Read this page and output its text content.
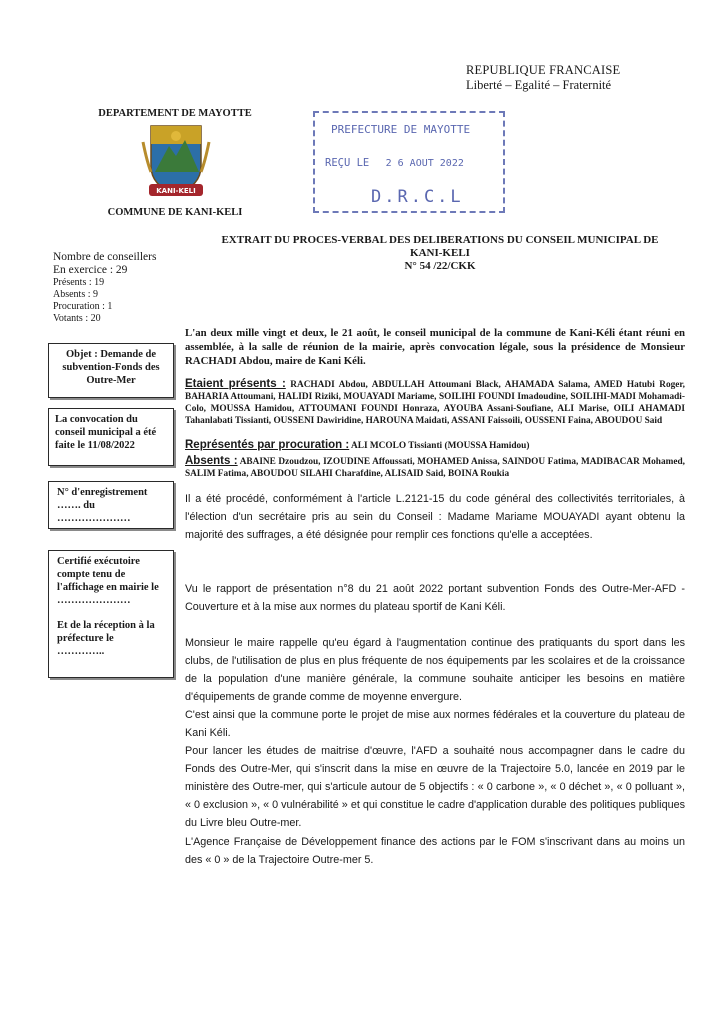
REPUBLIQUE FRANCAISE
Liberté – Egalité – Fraternité
DEPARTEMENT DE MAYOTTE
KANI-KELI
COMMUNE DE KANI-KELI
PREFECTURE DE MAYOTTE
REÇU LE 2 6 AOUT 2022
D.R.C.L
EXTRAIT DU PROCES-VERBAL DES DELIBERATIONS DU CONSEIL MUNICIPAL DE
KANI-KELI
N° 54 /22/CKK
Nombre de conseillers
En exercice : 29
Présents : 19
Absents : 9
Procuration : 1
Votants : 20
Objet : Demande de subvention-Fonds des Outre-Mer
La convocation du conseil municipal a été faite le 11/08/2022
N° d'enregistrement
……. du
…………………
Certifié exécutoire compte tenu de l'affichage en mairie le
…………………
Et de la réception à la préfecture le
…………..
L'an deux mille vingt et deux, le 21 août, le conseil municipal de la commune de Kani-Kéli étant réuni en assemblée, à la salle de réunion de la mairie, après convocation légale, sous la présidence de Monsieur RACHADI Abdou, maire de Kani Kéli.
Etaient présents : RACHADI Abdou, ABDULLAH Attoumani Black, AHAMADA Salama, AMED Hatubi Roger, BAHARIA Attoumani, HALIDI Riziki, MOUAYADI Mariame, SOILIHI FOUNDI Imadoudine, SOILIHI-MADI Mohamadi-Colo, MOUSSA Hamidou, ATTOUMANI FOUNDI Honraza, AYOUBA Assani-Soufiane, ALI Marise, OILI AHAMADI Tahanlabati Tissianti, OUSSENI Dawiridine, HAROUNA Maidati, ASSANI Faissoili, OUSSENI Faina, ABOUDOU Said
Représentés par procuration : ALI MCOLO Tissianti (MOUSSA Hamidou)
Absents : ABAINE Dzoudzou, IZOUDINE Affoussati, MOHAMED Anissa, SAINDOU Fatima, MADIBACAR Mohamed, SALIM Fatima, ABOUDOU SILAHI Charafdine, ALISAID Said, BOINA Roukia
Il a été procédé, conformément à l'article L.2121-15 du code général des collectivités territoriales, à l'élection d'un secrétaire pris au sein du Conseil : Madame Mariame MOUAYADI ayant obtenu la majorité des suffrages, a été désignée pour remplir ces fonctions qu'elle a acceptées.
Vu le rapport de présentation n°8 du 21 août 2022 portant subvention Fonds des Outre-Mer-AFD -Couverture et à la mise aux normes du plateau sportif de Kani Kéli.
Monsieur le maire rappelle qu'eu égard à l'augmentation continue des pratiquants du sport dans les clubs, de l'utilisation de plus en plus fréquente de nos équipements par les scolaires et de la croissance de la population d'une manière générale, la commune souhaite anticiper les besoins en matière d'équipements de grande comme de moyenne envergure.
C'est ainsi que la commune porte le projet de mise aux normes fédérales et la couverture du plateau de Kani Kéli.
Pour lancer les études de maitrise d'œuvre, l'AFD a souhaité nous accompagner dans le cadre du Fonds des Outre-Mer, qui s'inscrit dans la mise en œuvre de la Trajectoire 5.0, lancée en 2019 par le ministère des Outre-mer, qui s'articule autour de 5 objectifs : « 0 carbone », « 0 déchet », « 0 polluant », « 0 exclusion », « 0 vulnérabilité » et qui constitue le cadre d'application durable des politiques publiques du Livre bleu Outre-mer.
L'Agence Française de Développement finance des actions par le FOM s'inscrivant dans au moins un des « 0 » de la Trajectoire Outre-mer 5.
